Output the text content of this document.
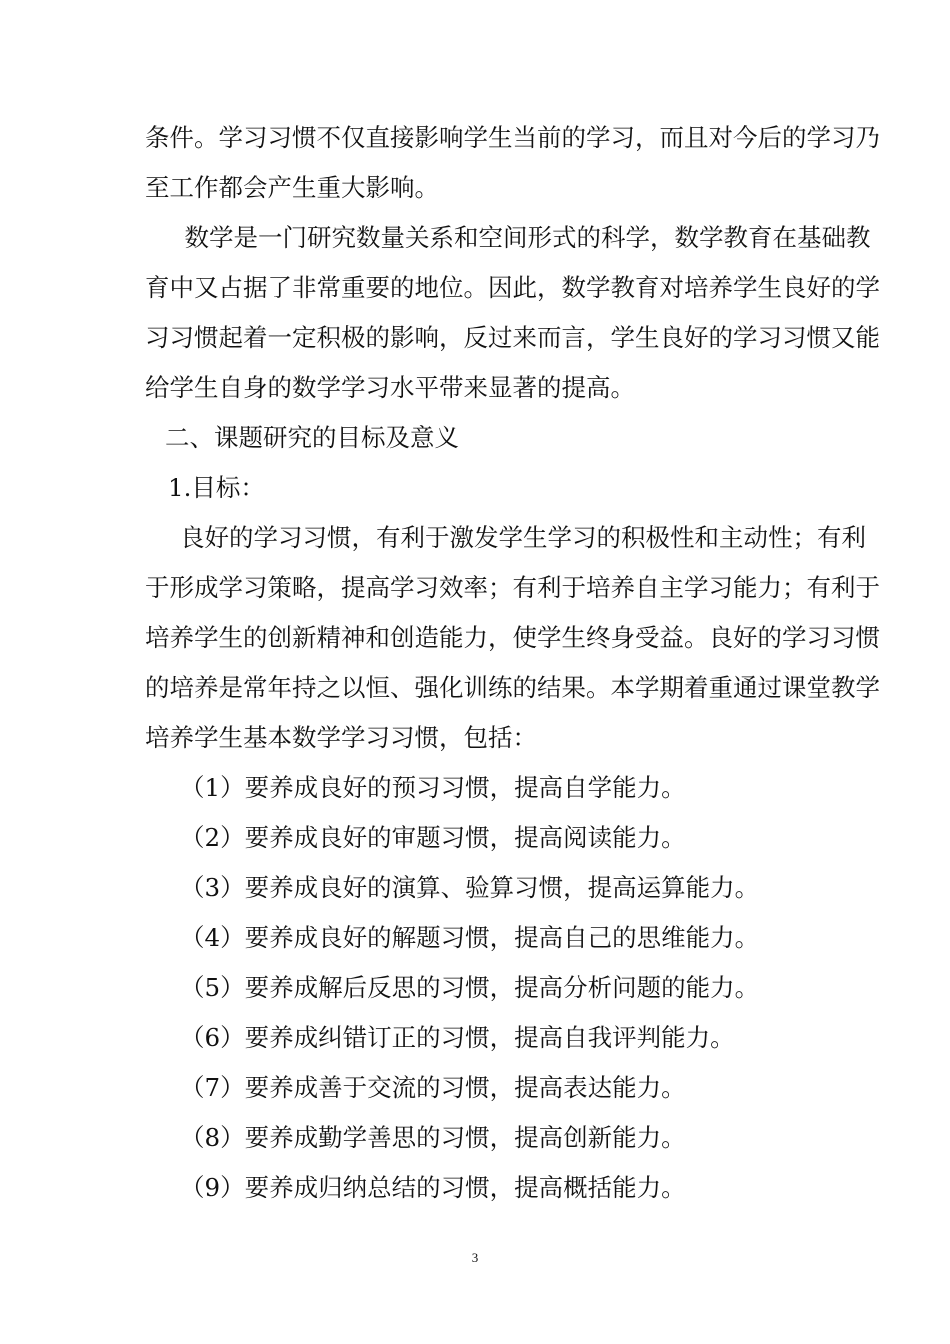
条件。学习习惯不仅直接影响学生当前的学习，而且对今后的学习乃
至工作都会产生重大影响。
　数学是一门研究数量关系和空间形式的科学，数学教育在基础教
育中又占据了非常重要的地位。因此，数学教育对培养学生良好的学
习习惯起着一定积极的影响，反过来而言，学生良好的学习习惯又能
给学生自身的数学学习水平带来显著的提高。
二、课题研究的目标及意义
1.目标：
良好的学习习惯，有利于激发学生学习的积极性和主动性；有利
于形成学习策略，提高学习效率；有利于培养自主学习能力；有利于
培养学生的创新精神和创造能力，使学生终身受益。良好的学习习惯
的培养是常年持之以恒、强化训练的结果。本学期着重通过课堂教学
培养学生基本数学学习习惯，包括：
（1）要养成良好的预习习惯，提高自学能力。
（2）要养成良好的审题习惯，提高阅读能力。
（3）要养成良好的演算、验算习惯，提高运算能力。
（4）要养成良好的解题习惯，提高自己的思维能力。
（5）要养成解后反思的习惯，提高分析问题的能力。
（6）要养成纠错订正的习惯，提高自我评判能力。
（7）要养成善于交流的习惯，提高表达能力。
（8）要养成勤学善思的习惯，提高创新能力。
（9）要养成归纳总结的习惯，提高概括能力。
3
